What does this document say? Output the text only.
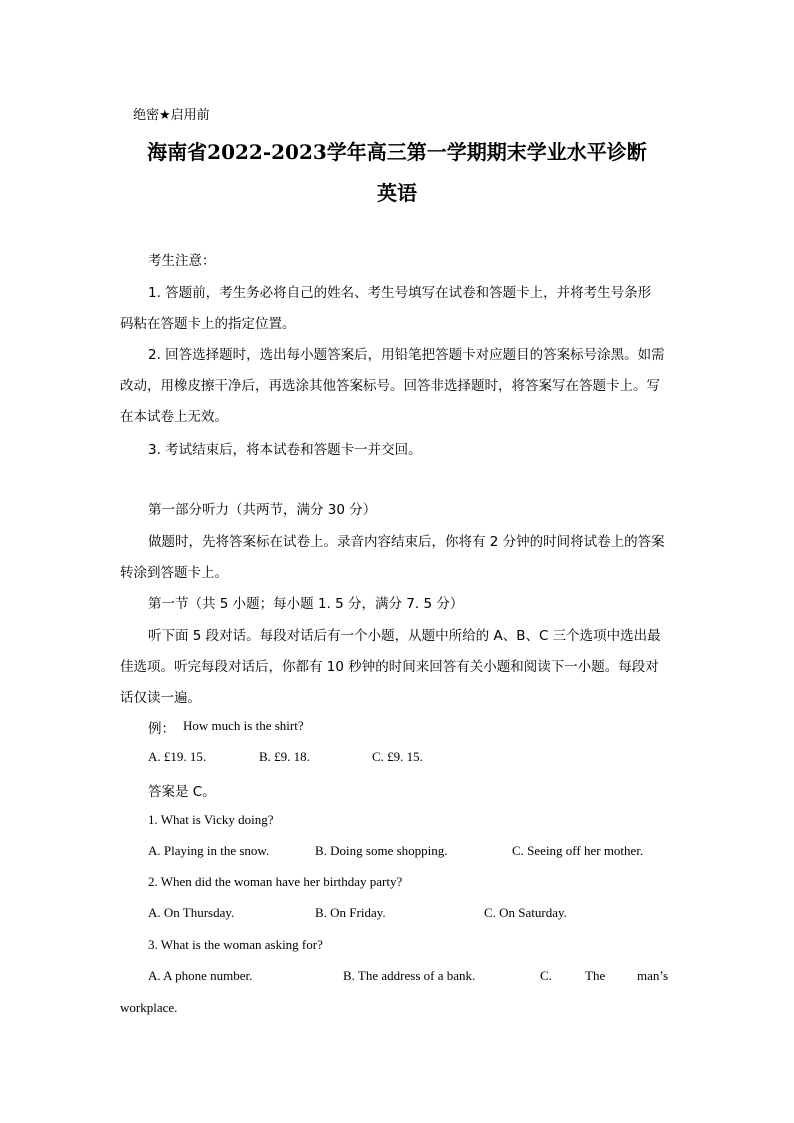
绝密★启用前
海南省2022-2023学年高三第一学期期末学业水平诊断
英语
考生注意：
1. 答题前，考生务必将自己的姓名、考生号填写在试卷和答题卡上，并将考生号条形
码粘在答题卡上的指定位置。
2. 回答选择题时，选出每小题答案后，用铅笔把答题卡对应题目的答案标号涂黑。如需
改动，用橡皮擦干净后，再选涂其他答案标号。回答非选择题时，将答案写在答题卡上。写
在本试卷上无效。
3. 考试结束后，将本试卷和答题卡一并交回。
第一部分听力（共两节，满分 30 分）
做题时，先将答案标在试卷上。录音内容结束后，你将有 2 分钟的时间将试卷上的答案
转涂到答题卡上。
第一节（共 5 小题；每小题 1. 5 分，满分 7. 5 分）
听下面 5 段对话。每段对话后有一个小题，从题中所给的 A、B、C 三个选项中选出最
佳选项。听完每段对话后，你都有 10 秒钟的时间来回答有关小题和阅读下一小题。每段对
话仅读一遍。
例： How much is the shirt?
A. £19. 15.	B. £9. 18.	C. £9. 15.
答案是 C。
1. What is Vicky doing?
A. Playing in the snow.	B. Doing some shopping.	C. Seeing off her mother.
2. When did the woman have her birthday party?
A. On Thursday.	B. On Friday.	C. On Saturday.
3. What is the woman asking for?
A. A phone number.	B. The address of a bank.	C.	The man’s
workplace.
